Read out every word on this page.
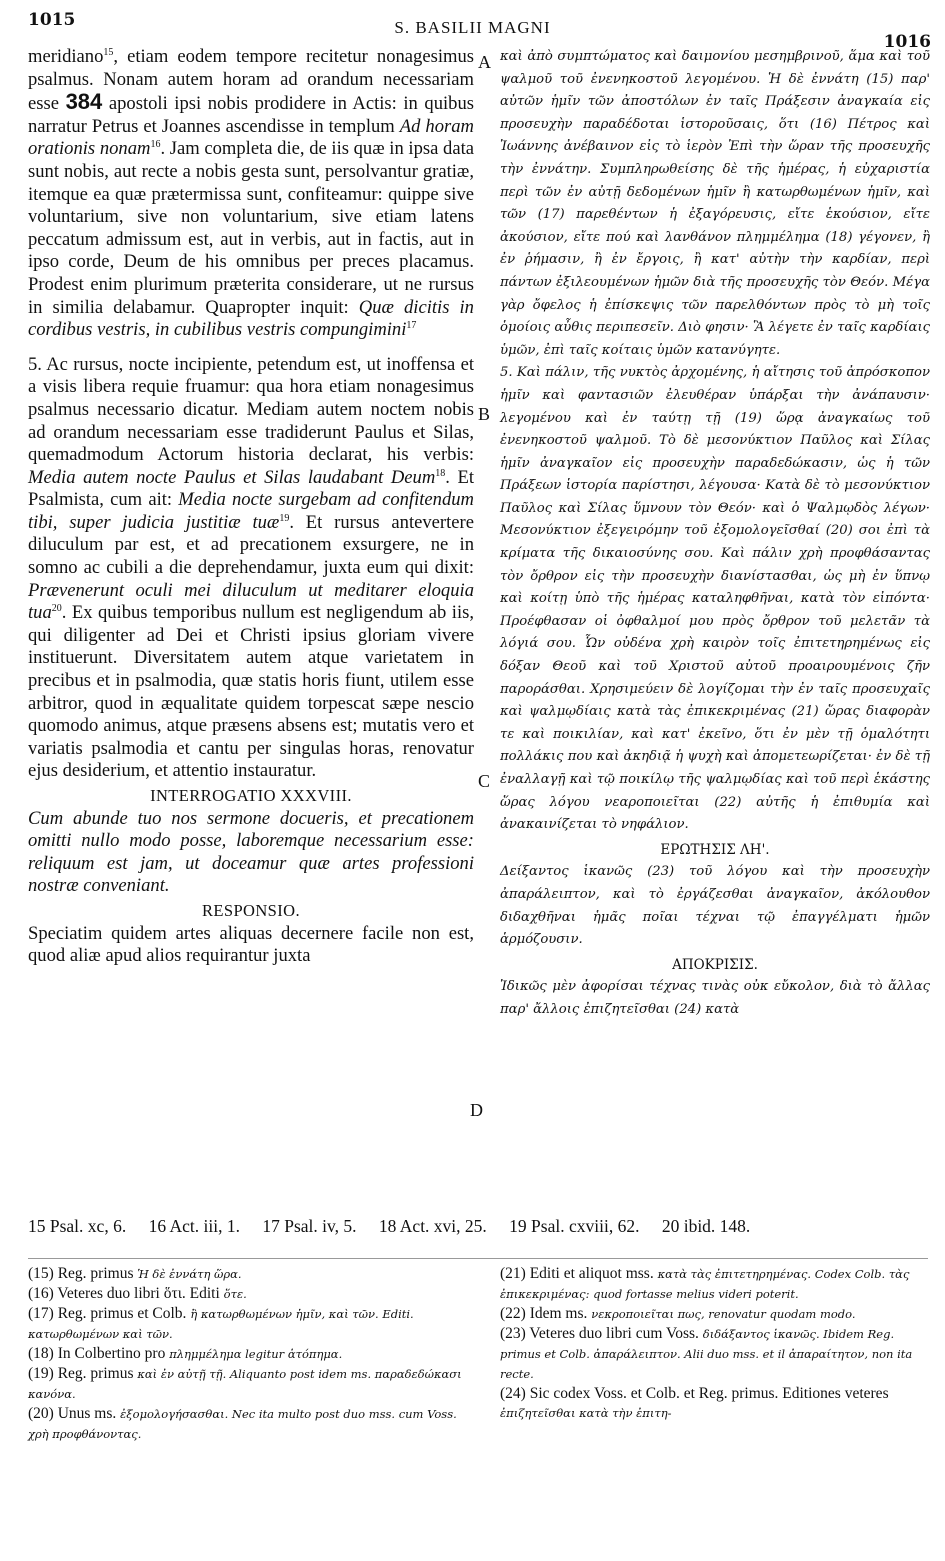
1015	S. BASILII MAGNI
1016
A
B
C
D

meridiano$^{15}$, etiam eodem tempore recitetur nonagesimus psalmus. Nonam autem horam ad orandum necessariam esse 384 apostoli ipsi nobis prodidere in Actis: in quibus narratur Petrus et Joannes ascendisse in templum Ad horam orationis nonam$^{16}$. Jam completa die, de iis quæ in ipsa data sunt nobis, aut recte a nobis gesta sunt, persolvantur gratiæ, itemque ea quæ prætermissa sunt, confiteamur: quippe sive voluntarium, sive non voluntarium, sive etiam latens peccatum admissum est, aut in verbis, aut in factis, aut in ipso corde, Deum de his omnibus per preces placamus. Prodest enim plurimum præterita considerare, ut ne rursus in similia delabamur. Quapropter inquit: Quæ dicitis in cordibus vestris, in cubilibus vestris compungimini$^{17}$

5. Ac rursus, nocte incipiente, petendum est, ut inoffensa et a visis libera requie fruamur: qua hora etiam nonagesimus psalmus necessario dicatur. Mediam autem noctem nobis ad orandum necessariam esse tradiderunt Paulus et Silas, quemadmodum Actorum historia declarat, his verbis: Media autem nocte Paulus et Silas laudabant Deum$^{18}$. Et Psalmista, cum ait: Media nocte surgebam ad confitendum tibi, super judicia justitiæ tuæ$^{19}$. Et rursus antevertere diluculum par est, et ad precationem exsurgere, ne in somno ac cubili a die deprehendamur, juxta eum qui dixit: Prævenerunt oculi mei diluculum ut meditarer eloquia tua$^{20}$. Ex quibus temporibus nullum est negligendum ab iis, qui diligenter ad Dei et Christi ipsius gloriam vivere instituerunt. Diversitatem autem atque varietatem in precibus et in psalmodia, quæ statis horis fiunt, utilem esse arbitror, quod in æqualitate quidem torpescat sæpe nescio quomodo animus, atque præsens absens est; mutatis vero et variatis psalmodia et cantu per singulas horas, renovatur ejus desiderium, et attentio instauratur.

INTERROGATIO XXXVIII.

Cum abunde tuo nos sermone docueris, et precationem omitti nullo modo posse, laboremque necessarium esse: reliquum est jam, ut doceamur quæ artes professioni nostræ conveniant.

RESPONSIO.

Speciatim quidem artes aliquas decernere facile non est, quod aliæ apud alios requirantur juxta

καὶ ἀπὸ συμπτώματος καὶ δαιμονίου μεσημβρινοῦ, ἅμα καὶ τοῦ ψαλμοῦ τοῦ ἐνενηκοστοῦ λεγομένου. Ἡ δὲ ἐννάτη (15) παρ' αὐτῶν ἡμῖν τῶν ἀποστόλων ἐν ταῖς Πράξεσιν ἀναγκαία εἰς προσευχὴν παραδέδοται ἱστοροῦσαις, ὅτι (16) Πέτρος καὶ Ἰωάννης ἀνέβαινον εἰς τὸ ἱερὸν Ἐπὶ τὴν ὥραν τῆς προσευχῆς τὴν ἐννάτην. Συμπληρωθείσης δὲ τῆς ἡμέρας, ἡ εὐχαριστία περὶ τῶν ἐν αὐτῇ δεδομένων ἡμῖν ἢ κατωρθωμένων ἡμῖν, καὶ τῶν (17) παρεθέντων ἡ ἐξαγόρευσις, εἴτε ἑκούσιον, εἴτε ἀκούσιον, εἴτε πού καὶ λανθάνον πλημμέλημα (18) γέγονεν, ἢ ἐν ῥήμασιν, ἢ ἐν ἔργοις, ἢ κατ' αὐτὴν τὴν καρδίαν, περὶ πάντων ἐξιλεουμένων ἡμῶν διὰ τῆς προσευχῆς τὸν Θεόν. Μέγα γὰρ ὄφελος ἡ ἐπίσκεψις τῶν παρελθόντων πρὸς τὸ μὴ τοῖς ὁμοίοις αὖθις περιπεσεῖν. Διὸ φησιν· Ἃ λέγετε ἐν ταῖς καρδίαις ὑμῶν, ἐπὶ ταῖς κοίταις ὑμῶν κατανύγητε.

5. Καὶ πάλιν, τῆς νυκτὸς ἀρχομένης, ἡ αἴτησις τοῦ ἀπρόσκοπον ἡμῖν καὶ φαντασιῶν ἐλευθέραν ὑπάρξαι τὴν ἀνάπαυσιν· λεγομένου καὶ ἐν ταύτῃ τῇ (19) ὥρᾳ ἀναγκαίως τοῦ ἐνενηκοστοῦ ψαλμοῦ. Τὸ δὲ μεσονύκτιον Παῦλος καὶ Σίλας ἡμῖν ἀναγκαῖον εἰς προσευχὴν παραδεδώκασιν, ὡς ἡ τῶν Πράξεων ἱστορία παρίστησι, λέγουσα· Κατὰ δὲ τὸ μεσονύκτιον Παῦλος καὶ Σίλας ὕμνουν τὸν Θεόν· καὶ ὁ Ψαλμῳδὸς λέγων· Μεσονύκτιον ἐξεγειρόμην τοῦ ἐξομολογεῖσθαί (20) σοι ἐπὶ τὰ κρίματα τῆς δικαιοσύνης σου. Καὶ πάλιν χρὴ προφθάσαντας τὸν ὄρθρον εἰς τὴν προσευχὴν διανίστασθαι, ὡς μὴ ἐν ὕπνῳ καὶ κοίτῃ ὑπὸ τῆς ἡμέρας καταληφθῆναι, κατὰ τὸν εἰπόντα· Προέφθασαν οἱ ὀφθαλμοί μου πρὸς ὄρθρον τοῦ μελετᾶν τὰ λόγιά σου. Ὧν οὐδένα χρὴ καιρὸν τοῖς ἐπιτετηρημένως εἰς δόξαν Θεοῦ καὶ τοῦ Χριστοῦ αὐτοῦ προαιρουμένοις ζῆν παροράσθαι. Χρησιμεύειν δὲ λογίζομαι τὴν ἐν ταῖς προσευχαῖς καὶ ψαλμῳδίαις κατὰ τὰς ἐπικεκριμένας (21) ὥρας διαφορὰν τε καὶ ποικιλίαν, καὶ κατ' ἐκεῖνο, ὅτι ἐν μὲν τῇ ὁμαλότητι πολλάκις που καὶ ἀκηδιᾷ ἡ ψυχὴ καὶ ἀπομετεωρίζεται· ἐν δὲ τῇ ἐναλλαγῇ καὶ τῷ ποικίλῳ τῆς ψαλμῳδίας καὶ τοῦ περὶ ἑκάστης ὥρας λόγου νεαροποιεῖται (22) αὐτῆς ἡ ἐπιθυμία καὶ ἀνακαινίζεται τὸ νηφάλιον.

ΕΡΩΤΗΣΙΣ ΛΗ'.

Δείξαντος ἱκανῶς (23) τοῦ λόγου καὶ τὴν προσευχὴν ἀπαράλειπτον, καὶ τὸ ἐργάζεσθαι ἀναγκαῖον, ἀκόλουθον διδαχθῆναι ἡμᾶς ποῖαι τέχναι τῷ ἐπαγγέλματι ἡμῶν ἁρμόζουσιν.

ΑΠΟΚΡΙΣΙΣ.

Ἰδικῶς μὲν ἀφορίσαι τέχνας τινὰς οὐκ εὔκολον, διὰ τὸ ἄλλας παρ' ἄλλοις ἐπιζητεῖσθαι (24) κατὰ

15 Psal. xc, 6. 16 Act. iii, 1. 17 Psal. iv, 5. 18 Act. xvi, 25. 19 Psal. cxviii, 62. 20 ibid. 148.

(15) Reg. primus Ἡ δὲ ἐννάτη ὥρα.

(16) Veteres duo libri ὅτι. Editi ὅτε.

(17) Reg. primus et Colb. ἢ κατωρθωμένων ἡμῖν, καὶ τῶν. Editi. κατωρθωμένων καὶ τῶν.

(18) In Colbertino pro πλημμέλημα legitur ἁτόπημα.

(19) Reg. primus καὶ ἐν αὐτῇ τῇ. Aliquanto post idem ms. παραδεδώκασι κανόνα.

(20) Unus ms. ἐξομολογήσασθαι. Nec ita multo post duo mss. cum Voss. χρὴ προφθάνοντας.

(21) Editi et aliquot mss. κατὰ τὰς ἐπιτετηρημένας. Codex Colb. τὰς ἐπικεκριμένας: quod fortasse melius videri poterit.

(22) Idem ms. νεκροποιεῖται πως, renovatur quodam modo.

(23) Veteres duo libri cum Voss. διδάξαντος ἱκανῶς. Ibidem Reg. primus et Colb. ἀπαράλειπτον. Alii duo mss. et il ἀπαραίτητον, non ita recte.

(24) Sic codex Voss. et Colb. et Reg. primus. Editiones veteres ἐπιζητεῖσθαι κατὰ τὴν ἐπιτη-
